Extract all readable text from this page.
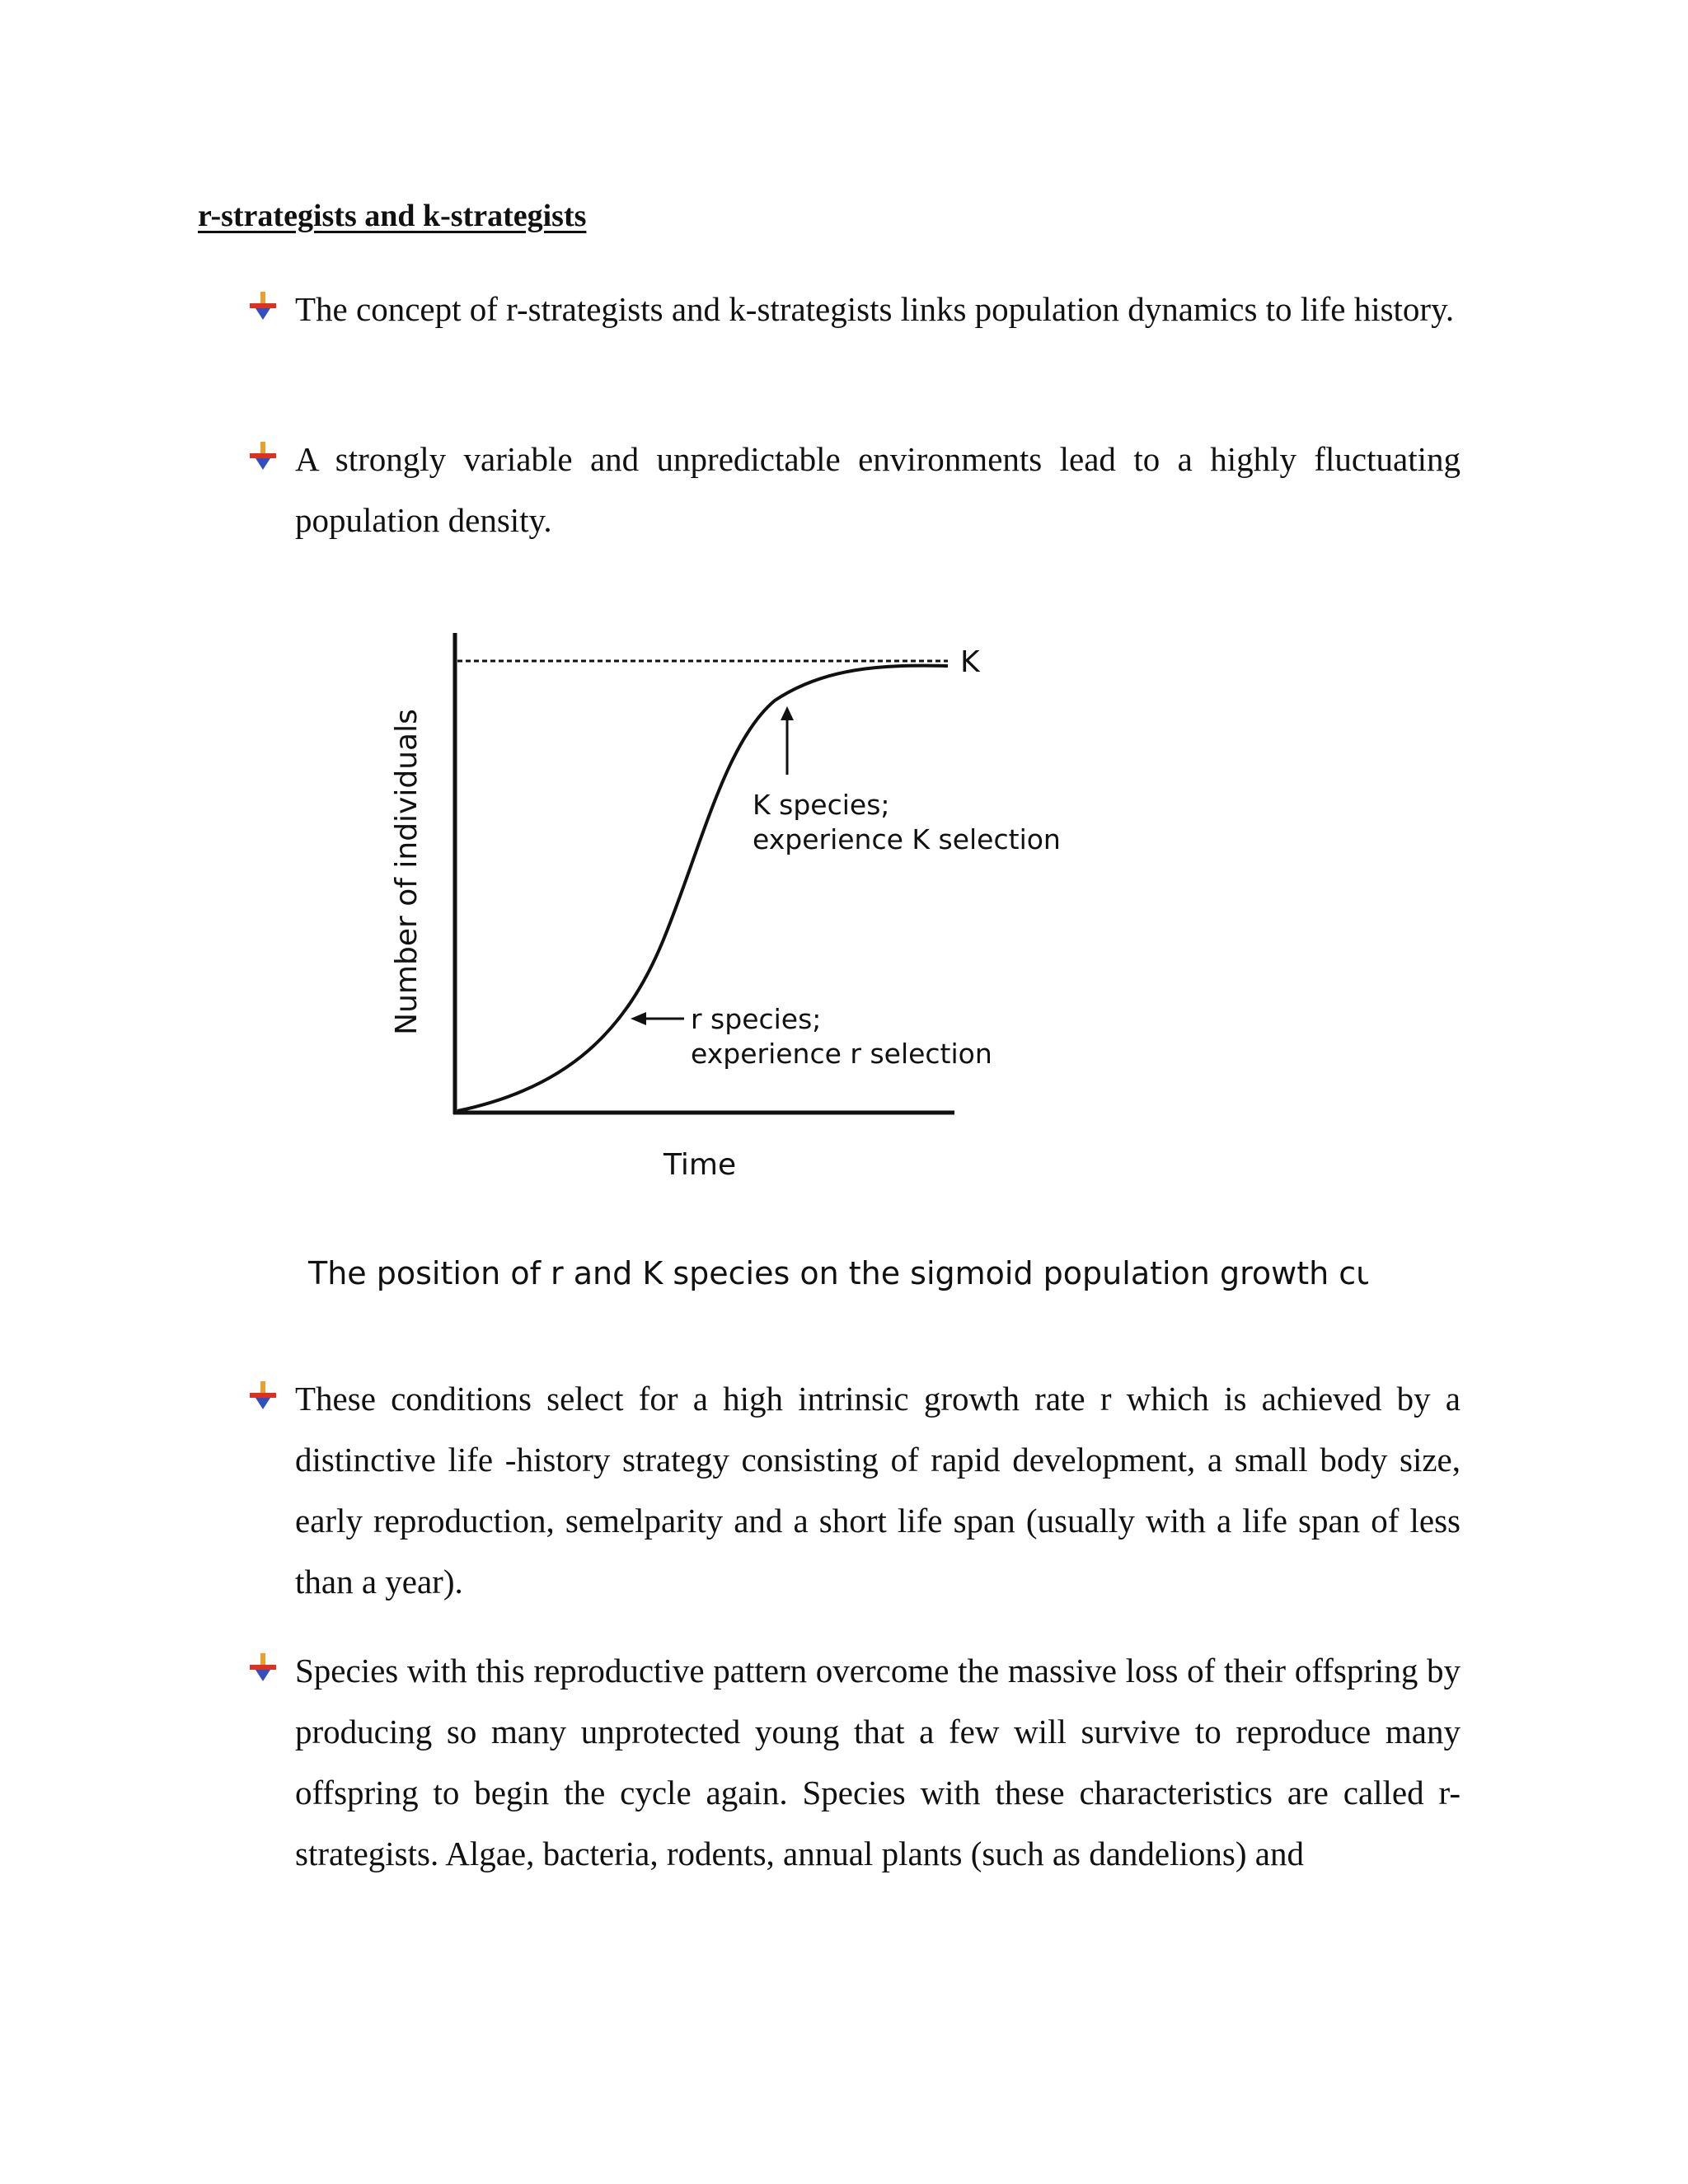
r-strategists and k-strategists

The concept of r-strategists and k-strategists links population dynamics to life history.

A strongly variable and unpredictable environments lead to a highly fluctuating population density.

K
Number of individuals	K species;
experience K selection
r species;
experience r selection
Time
The position of r and K species on the sigmoid population growth curve.

These conditions select for a high intrinsic growth rate r which is achieved by a distinctive life -history strategy consisting of rapid development, a small body size, early reproduction, semelparity and a short life span (usually with a life span of less than a year).

Species with this reproductive pattern overcome the massive loss of their offspring by producing so many unprotected young that a few will survive to reproduce many offspring to begin the cycle again. Species with these characteristics are called r-strategists. Algae, bacteria, rodents, annual plants (such as dandelions) and
